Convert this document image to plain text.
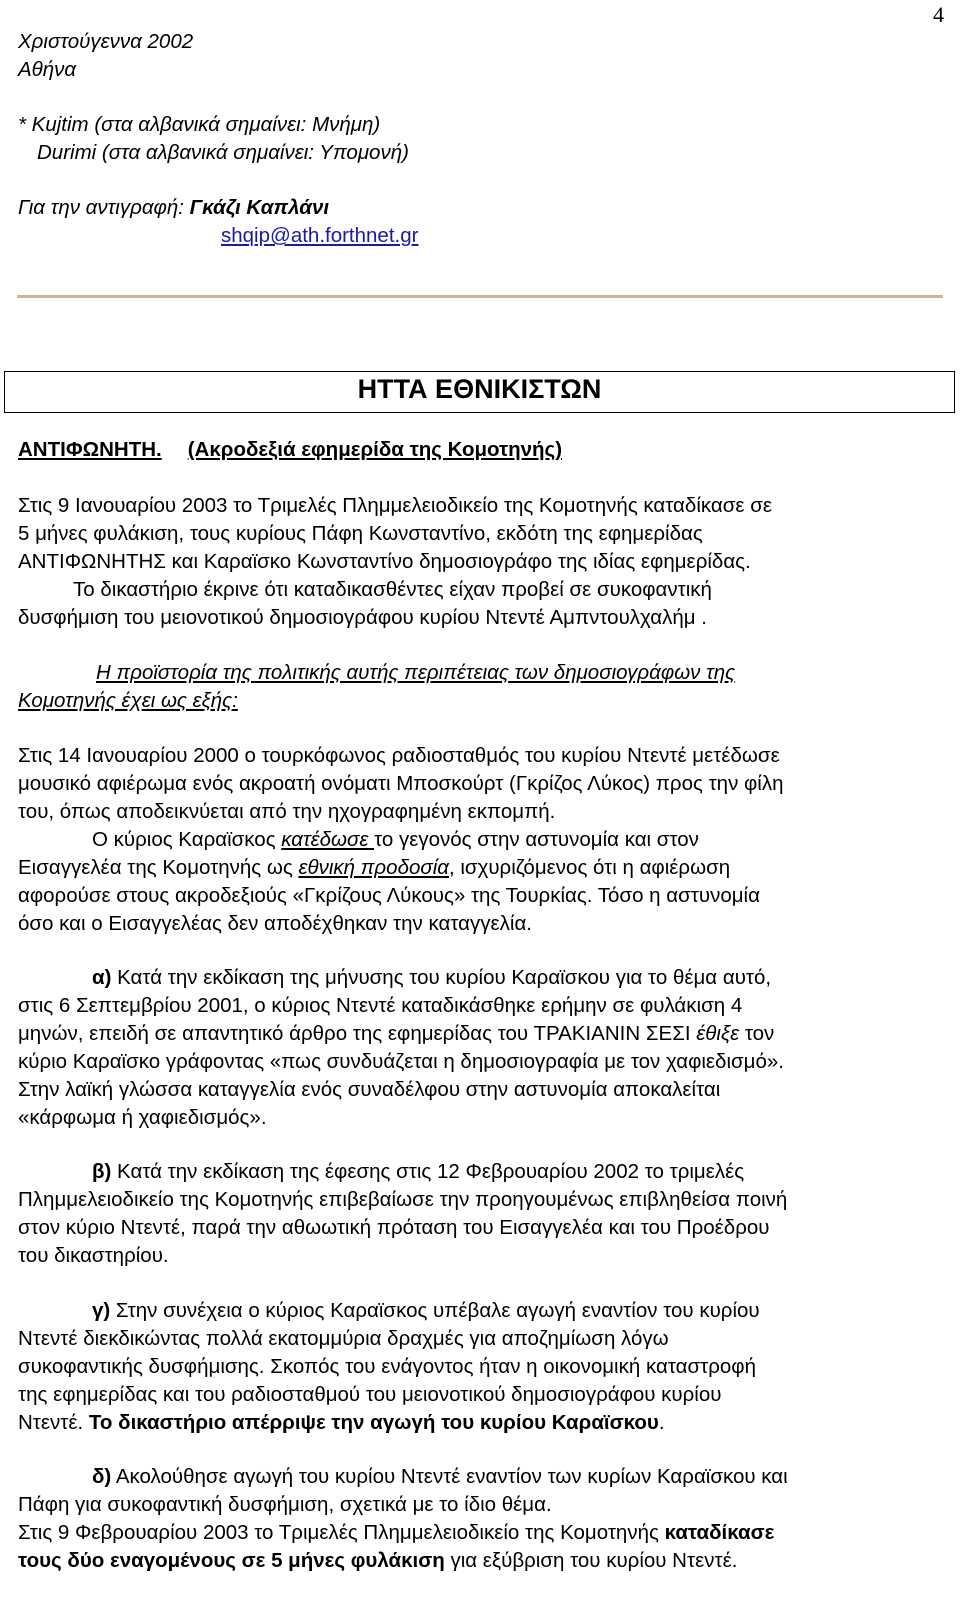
4
Χριστούγεννα 2002
Αθήνα
* Kujtim (στα αλβανικά σημαίνει: Μνήμη)
Durimi (στα αλβανικά σημαίνει: Υπομονή)
Για την αντιγραφή: Γκάζι Καπλάνι
shqip@ath.forthnet.gr
ΗΤΤΑ ΕΘΝΙΚΙΣΤΩΝ
ΑΝΤΙΦΩΝΗΤΗ. (Ακροδεξιά εφημερίδα της Κομοτηνής)
Στις 9 Ιανουαρίου 2003 το Τριμελές Πλημμελειοδικείο της Κομοτηνής καταδίκασε σε
5 μήνες φυλάκιση, τους κυρίους Πάφη Κωνσταντίνο, εκδότη της εφημερίδας
ΑΝΤΙΦΩΝΗΤΗΣ και Καραϊσκο Κωνσταντίνο δημοσιογράφο της ιδίας εφημερίδας.
Το δικαστήριο έκρινε ότι καταδικασθέντες είχαν προβεί σε συκοφαντική
δυσφήμιση του μειονοτικού δημοσιογράφου κυρίου Ντεντέ Αμπντουλχαλήμ .
Η προϊστορία της πολιτικής αυτής περιπέτειας των δημοσιογράφων της
Κομοτηνής έχει ως εξής:
Στις 14 Ιανουαρίου 2000 ο τουρκόφωνος ραδιοσταθμός του κυρίου Ντεντέ μετέδωσε
μουσικό αφιέρωμα ενός ακροατή ονόματι Μποσκούρτ (Γκρίζος Λύκος) προς την φίλη
του, όπως αποδεικνύεται από την ηχογραφημένη εκπομπή.
Ο κύριος Καραϊσκος κατέδωσε το γεγονός στην αστυνομία και στον
Εισαγγελέα της Κομοτηνής ως εθνική προδοσία, ισχυριζόμενος ότι η αφιέρωση
αφορούσε στους ακροδεξιούς «Γκρίζους Λύκους» της Τουρκίας. Τόσο η αστυνομία
όσο και ο Εισαγγελέας δεν αποδέχθηκαν την καταγγελία.
α) Κατά την εκδίκαση της μήνυσης του κυρίου Καραϊσκου για το θέμα αυτό,
στις 6 Σεπτεμβρίου 2001, ο κύριος Ντεντέ καταδικάσθηκε ερήμην σε φυλάκιση 4
μηνών, επειδή σε απαντητικό άρθρο της εφημερίδας του ΤΡΑΚΙΑΝΙΝ ΣΕΣΙ έθιξε τον
κύριο Καραϊσκο γράφοντας «πως συνδυάζεται η δημοσιογραφία με τον χαφιεδισμό».
Στην λαϊκή γλώσσα καταγγελία ενός συναδέλφου στην αστυνομία αποκαλείται
«κάρφωμα ή χαφιεδισμός».
β) Κατά την εκδίκαση της έφεσης στις 12 Φεβρουαρίου 2002 το τριμελές
Πλημμελειοδικείο της Κομοτηνής επιβεβαίωσε την προηγουμένως επιβληθείσα ποινή
στον κύριο Ντεντέ, παρά την αθωωτική πρόταση του Εισαγγελέα και του Προέδρου
του δικαστηρίου.
γ) Στην συνέχεια ο κύριος Καραϊσκος υπέβαλε αγωγή εναντίον του κυρίου
Ντεντέ διεκδικώντας πολλά εκατομμύρια δραχμές για αποζημίωση λόγω
συκοφαντικής δυσφήμισης. Σκοπός του ενάγοντος ήταν η οικονομική καταστροφή
της εφημερίδας και του ραδιοσταθμού του μειονοτικού δημοσιογράφου κυρίου
Ντεντέ. Το δικαστήριο απέρριψε την αγωγή του κυρίου Καραϊσκου.
δ) Ακολούθησε αγωγή του κυρίου Ντεντέ εναντίον των κυρίων Καραϊσκου και
Πάφη για συκοφαντική δυσφήμιση, σχετικά με το ίδιο θέμα.
Στις 9 Φεβρουαρίου 2003 το Τριμελές Πλημμελειοδικείο της Κομοτηνής καταδίκασε
τους δύο εναγομένους σε 5 μήνες φυλάκιση για εξύβριση του κυρίου Ντεντέ.
